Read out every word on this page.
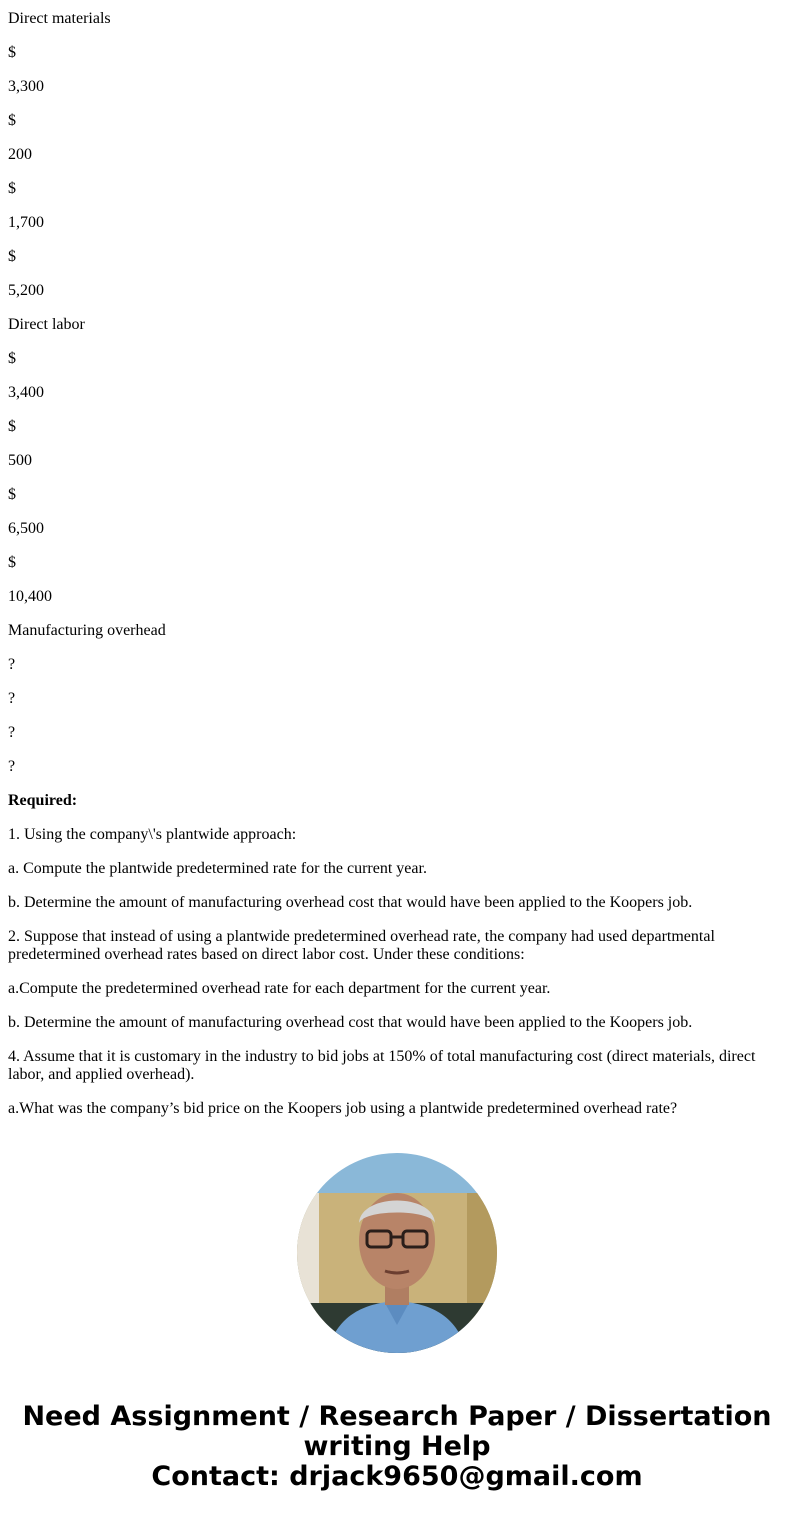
Direct materials

$

3,300

$

200

$

1,700

$

5,200

Direct labor

$

3,400

$

500

$

6,500

$

10,400

Manufacturing overhead

?

?

?

?

Required:

1. Using the company\'s plantwide approach:

a. Compute the plantwide predetermined rate for the current year.

b. Determine the amount of manufacturing overhead cost that would have been applied to the Koopers job.

2. Suppose that instead of using a plantwide predetermined overhead rate, the company had used departmental predetermined overhead rates based on direct labor cost. Under these conditions:

a.Compute the predetermined overhead rate for each department for the current year.

b. Determine the amount of manufacturing overhead cost that would have been applied to the Koopers job.

4. Assume that it is customary in the industry to bid jobs at 150% of total manufacturing cost (direct materials, direct labor, and applied overhead).

a.What was the company’s bid price on the Koopers job using a plantwide predetermined overhead rate?

Need Assignment / Research Paper / Dissertation writing Help
Contact: drjack9650@gmail.com
